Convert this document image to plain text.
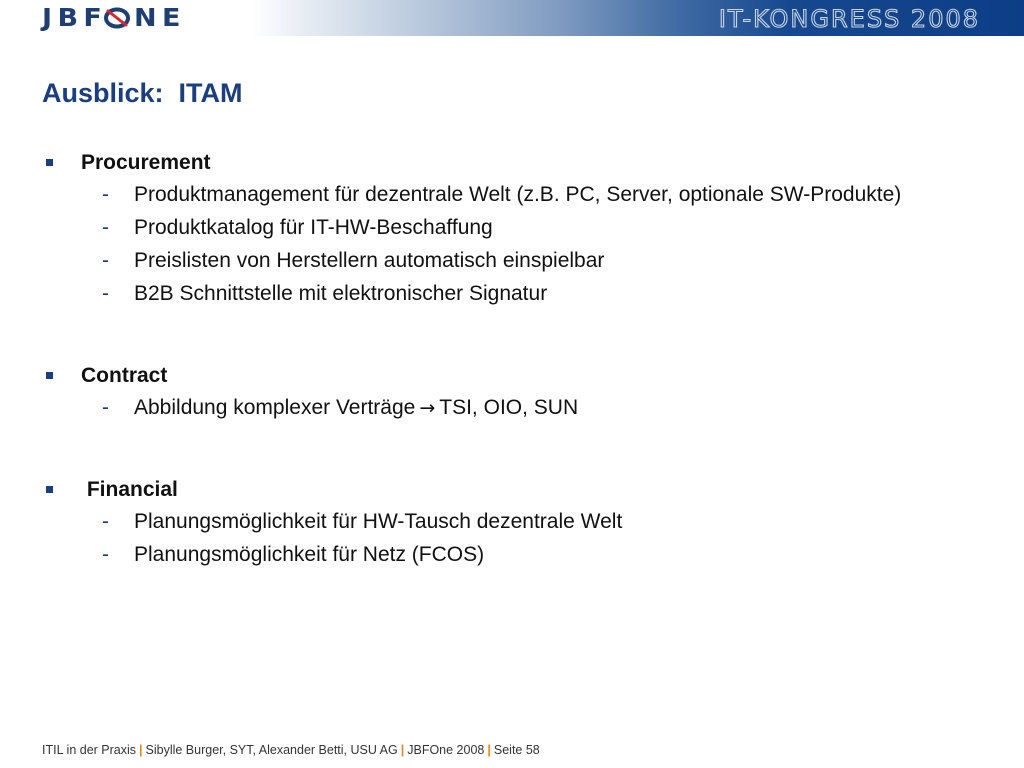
JBF NE	IT-KONGRESS 2008
Ausblick:  ITAM

Procurement

-

Produktmanagement für dezentrale Welt (z.B. PC, Server, optionale SW-Produkte)

-

Produktkatalog für IT-HW-Beschaffung

-

Preislisten von Herstellern automatisch einspielbar

-

B2B Schnittstelle mit elektronischer Signatur

Contract

-

Abbildung komplexer Verträge → TSI, OIO, SUN

Financial

-

Planungsmöglichkeit für HW-Tausch dezentrale Welt

-

Planungsmöglichkeit für Netz (FCOS)

ITIL in der Praxis | Sibylle Burger, SYT, Alexander Betti, USU AG | JBFOne 2008 | Seite 58
